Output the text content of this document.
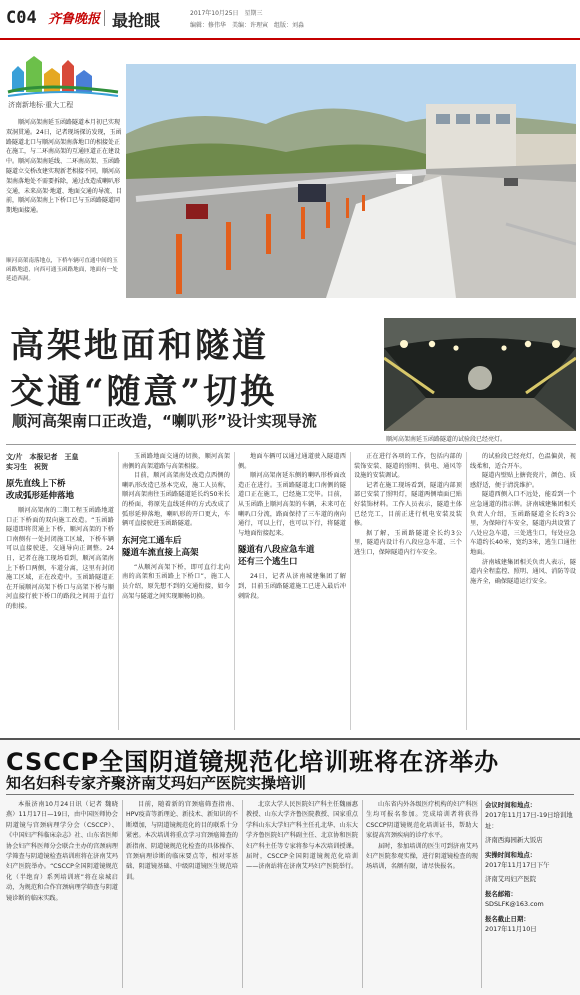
C04 齐鲁晚报 最抢眼	2017年10月25日　星期三
编辑：修伟华　美编：许理寅　组版：刘淼
济南新地标·重大工程
顺河高架南延玉函路隧道本月初已实现双洞贯通。24日，记者现场探访发现，玉函路隧道北口与顺河高架南落地口的相接处正在施工，与二环南高架的互通匝道正在建设中。顺河高架南延线、二环南高架、玉函路隧道立交桥改建实现新老相接不同，顺河高架南落地处不需要拆除，通过改造成喇叭形交通，未来高架·地道、地面交通的导流、目前，顺河高架南上下桥口已与玉函路隧道同期地面接通。
顺河高架南落地点，下桥车辆可直通中间的玉函路地道，向西可通玉函路地面，地面有一处延道西洞。
高架地面和隧道
交通“随意”切换
顺河高架南口正改造，“喇叭形”设计实现导流
顺河高架南延玉函路隧道的试验段已经亮灯。
文/片　本报记者　王皇
实习生　祝贺
原先直线上下桥
改成弧形延伸落地

顺河高架南的二期工程玉函路地道口正下桥面的双向施工改造。“玉函路隧道即将贯通上下桥，顺河高架的下桥口南侧有一处封闭施工区域，下桥车辆可以直接驶进，交通导向正调整。24日，记者在施工现场看到，顺河高架南上下桥口两侧，车道分离，这里有封闭施工区域，正在改造中。玉函路隧道正在开展顺河高架下桥口与高架下桥与顺河直接行驶下桥口的路段之间用于直行的衔接。

玉函路地面交通的切换，顺河高架南侧的高架道路与高架相接。

目前，顺河高架南处改造点西侧的喇叭形改造已基本完成，施工人员称，顺河高架南往玉函路隧道延长约50米长的桥面，将原先直线延伸的方式改成了弧形延伸落地，喇叭形的开口更大，车辆可直接驶进玉函路隧道。

东河完工通车后
隧道车流直接上高架

“从顺河高架下桥，即可直行北向南的高架和玉函路上下桥口”，施工人员介绍，原先想不到的交通衔接，如今高架与隧道之间实现顺畅切换。

地面车辆可以通过通道驶入隧道西侧。

顺河高架南延东侧的喇叭形桥面改造正在进行。玉函路隧道北口南侧的隧道口正在施工，已经施工完毕。目前，从玉函路上顺河高架的车辆，未来可在喇叭口分流，路面保持了三车道的南向通行，可以上行，也可以下行，将隧道与地面衔接起来。

隧道有八段应急车道
还有三个逃生口

24日，记者从济南城建集团了解到，目前玉函路隧道施工已进入最后冲刺阶段。

正在进行各项的工作，包括内部的装饰安装、隧道的照明、供电、通风等设施的安装调试。

记者在施工现场看到，隧道内部顶部已安装了照明灯，隧道两侧墙面已贴好装饰材料。工作人员表示，隧道主体已经完工，目前正进行机电安装及装修。

据了解，玉函路隧道全长约3公里，隧道内设计有八段应急车道、三个逃生口，保障隧道内行车安全。

的试验段已经亮灯，色温偏黄，视线柔和，适合开车。

隧道内壁贴上搪瓷瓷片，颜色、质感舒适，便于清洗维护。

隧道西侧入口不远处，能看到一个应急通道的指示牌。济南城建集团相关负责人介绍，玉函路隧道全长约3公里，为保障行车安全，隧道内共设置了八处应急车道，三处逃生口，每处应急车道约长40米，宽约3米，逃生口通往地面。

济南城建集团相关负责人表示，隧道内全程监控、照明、通风、消防等设施齐全，确保隧道运行安全。

CSCCP全国阴道镜规范化培训班将在济举办
知名妇科专家齐聚济南艾玛妇产医院实操培训

本报济南10月24日讯（记者 魏晓燕）11月17日—19日，由中国医师协会阴道镜与宫颈病理学分会（CSCCP）、《中国妇产科临床杂志》社、山东省医师协会妇产科医师分会联合主办的宫颈病理学筛查与阴道镜检查培训班将在济南艾玛妇产医院举办。“CSCCP全国阴道镜规范化（半绝育）系列培训班”将在泉城启动，为规范和合作宫颈病理学筛查与阴道镜诊断的临床实践。

目前，随着新的宫颈癌筛查指南、HPV疫苗等新理论、新技术、新知识的不断增加，与阴道镜规范化的目的联系十分紧密。本次培训将重点学习宫颈癌筛查的新指南、阴道镜规范化检查的具体操作、宫颈病理诊断的临床要点等，相对零基础、阴道镜基础、中级阴道镜医生规范培训。

北京大学人民医院妇产科主任魏丽惠教授、山东大学齐鲁医院教授、国家重点学科山东大学妇产科主任孔北华、山东大学齐鲁医院妇产科副主任、北京协和医院妇产科主任等专家将参与本次培训授课。届时，CSCCP全国阴道镜规范化培训——济南站将在济南艾玛妇产医院举行。

山东省内外各级医疗机构的妇产科医生均可报名参加。完成培训者将获得CSCCP阴道镜规范化培训证书，帮助大家提高宫颈疾病的诊疗水平。

届时，参加培训的医生可到济南艾玛妇产医院参观实操，进行阴道镜检查的现场培训，名额有限，请尽快报名。

会议时间和地点：
2017年11月17日-19日培训地址：
济南西海园新大饭店
实操时间和地点：
2017年11月17日下午
济南艾玛妇产医院
报名邮箱：
SDSLFK@163.com
报名截止日期：
2017年11月10日
